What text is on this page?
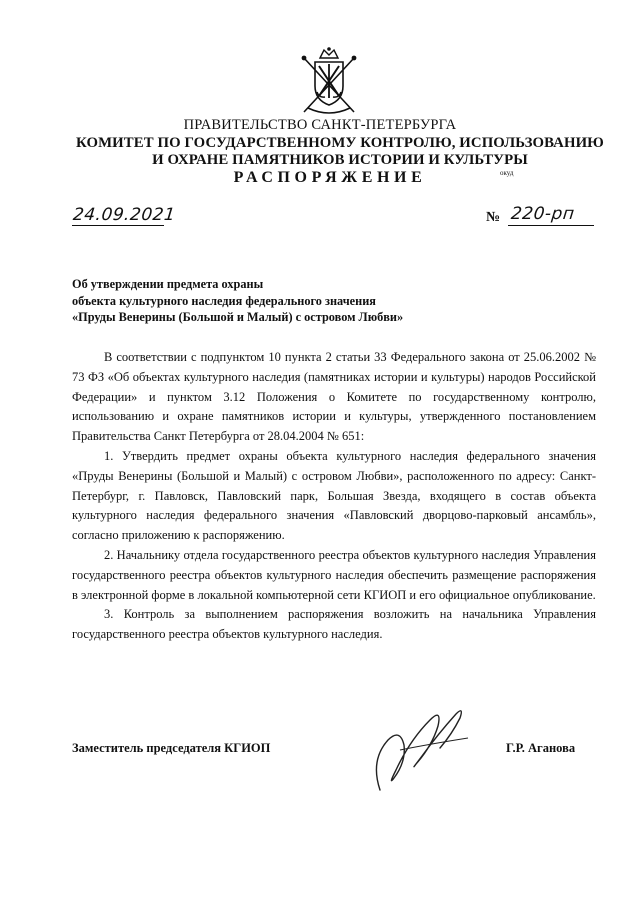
ПРАВИТЕЛЬСТВО САНКТ-ПЕТЕРБУРГА
КОМИТЕТ ПО ГОСУДАРСТВЕННОМУ КОНТРОЛЮ, ИСПОЛЬЗОВАНИЮ
И ОХРАНЕ ПАМЯТНИКОВ ИСТОРИИ И КУЛЬТУРЫ
РАСПОРЯЖЕНИЕ	окуд
24.09.2021	№ 220-рп
Об утверждении предмета охраны
объекта культурного наследия федерального значения
«Пруды Венерины (Большой и Малый) с островом Любви»

В соответствии с подпунктом 10 пункта 2 статьи 33 Федерального закона от 25.06.2002 № 73 ФЗ «Об объектах культурного наследия (памятниках истории и культуры) народов Российской Федерации» и пунктом 3.12 Положения о Комитете по государственному контролю, использованию и охране памятников истории и культуры, утвержденного постановлением Правительства Санкт Петербурга от 28.04.2004 № 651:

1. Утвердить предмет охраны объекта культурного наследия федерального значения «Пруды Венерины (Большой и Малый) с островом Любви», расположенного по адресу: Санкт-Петербург, г. Павловск, Павловский парк, Большая Звезда, входящего в состав объекта культурного наследия федерального значения «Павловский дворцово-парковый ансамбль», согласно приложению к распоряжению.

2. Начальнику отдела государственного реестра объектов культурного наследия Управления государственного реестра объектов культурного наследия обеспечить размещение распоряжения в электронной форме в локальной компьютерной сети КГИОП и его официальное опубликование.

3. Контроль за выполнением распоряжения возложить на начальника Управления государственного реестра объектов культурного наследия.

Заместитель председателя КГИОП	Г.Р. Аганова
